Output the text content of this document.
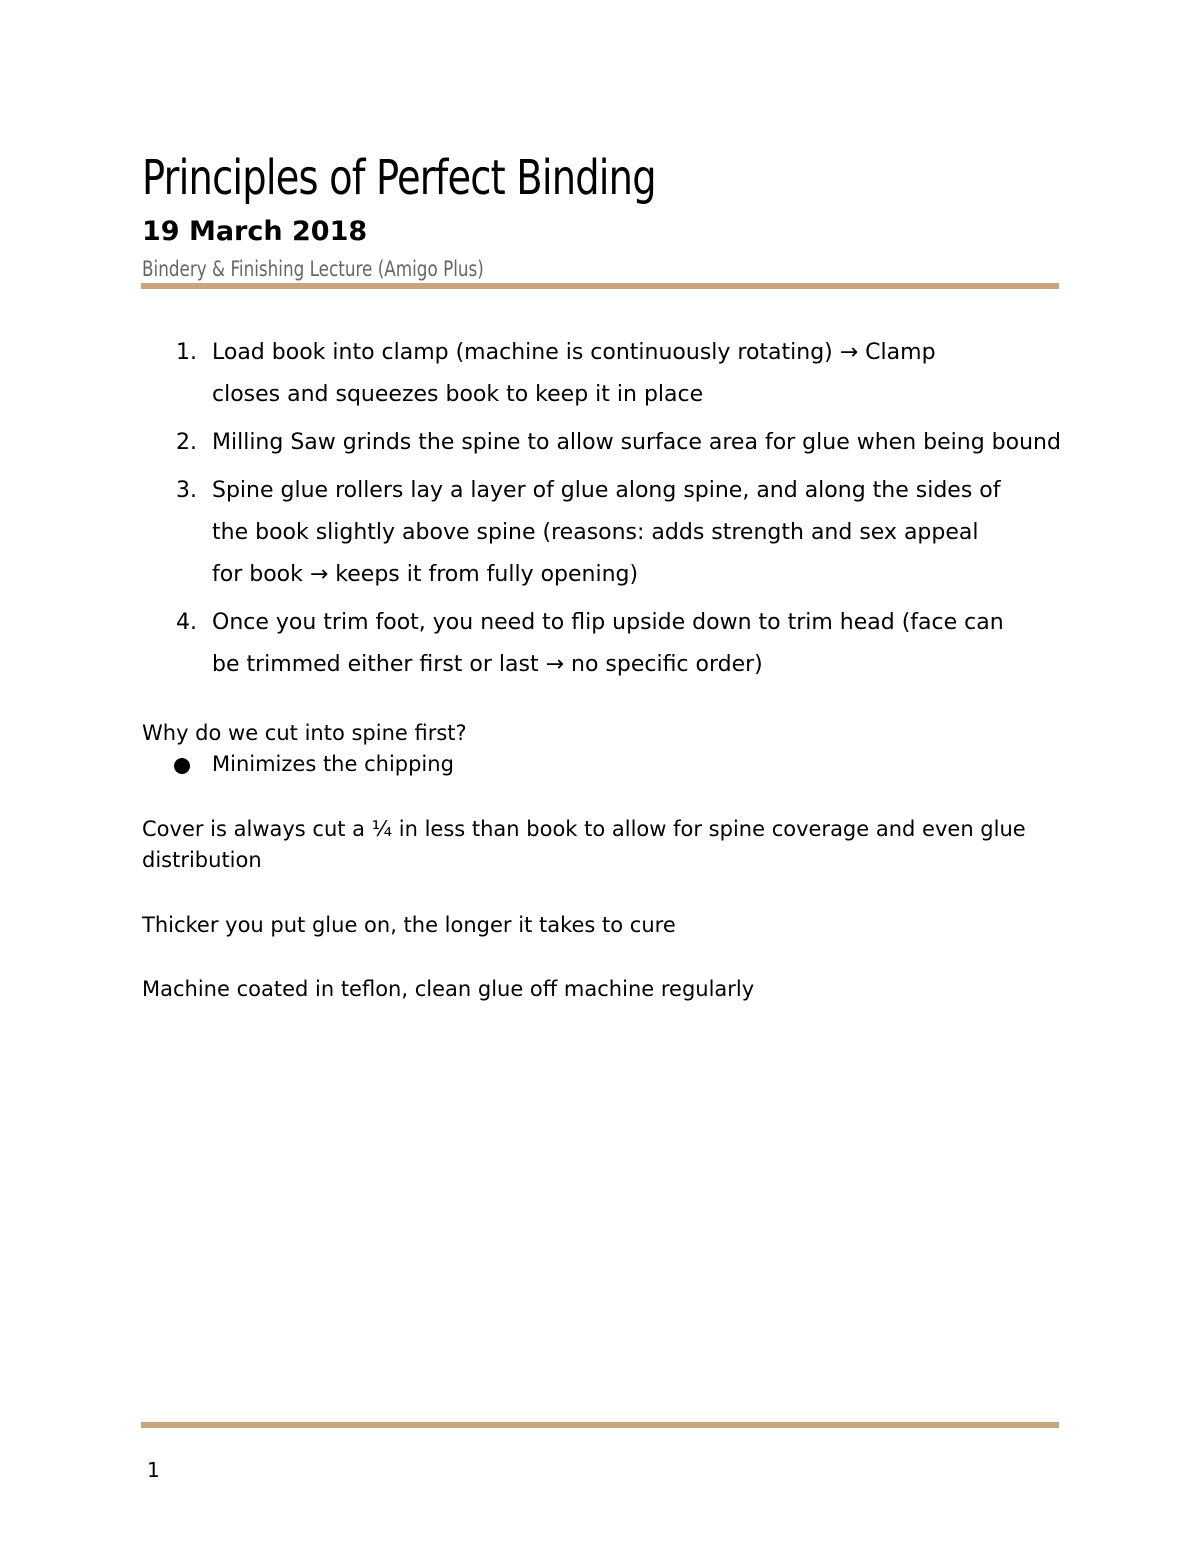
Principles of Perfect Binding

19 March 2018

Bindery & Finishing Lecture (Amigo Plus)
1. Load book into clamp (machine is continuously rotating) → Clamp
closes and squeezes book to keep it in place
2. Milling Saw grinds the spine to allow surface area for glue when being bound
3. Spine glue rollers lay a layer of glue along spine, and along the sides of
the book slightly above spine (reasons: adds strength and sex appeal
for book → keeps it from fully opening)
4. Once you trim foot, you need to flip upside down to trim head (face can
be trimmed either first or last → no specific order)
Why do we cut into spine first?
Minimizes the chipping
Cover is always cut a ¼ in less than book to allow for spine coverage and even glue
distribution
Thicker you put glue on, the longer it takes to cure
Machine coated in teflon, clean glue off machine regularly
1
